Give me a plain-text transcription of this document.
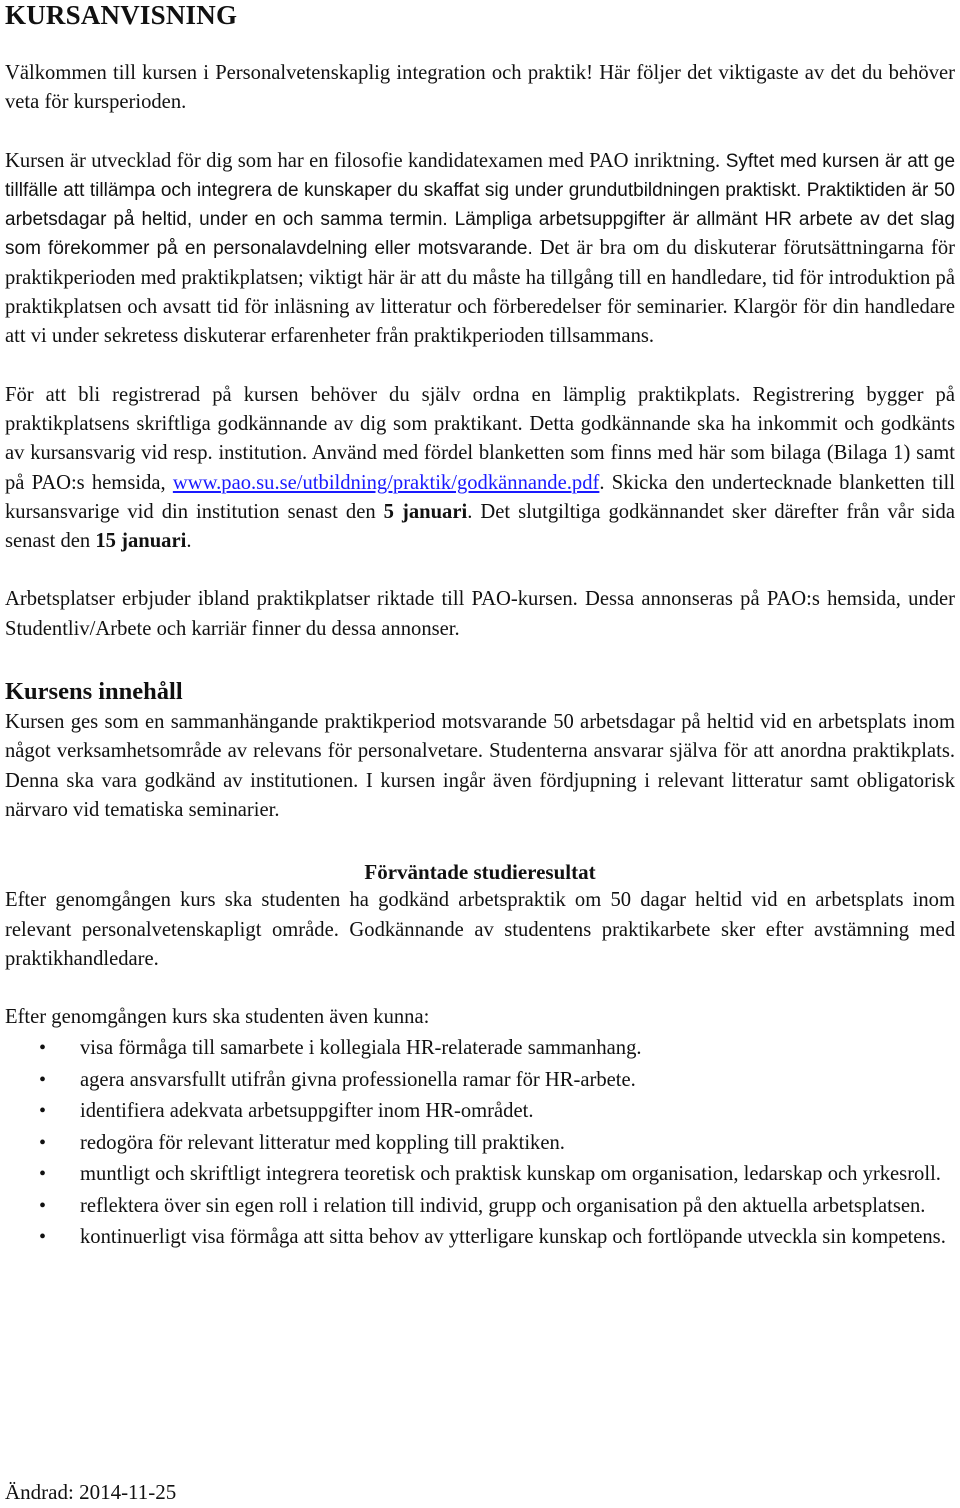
KURSANVISNING

Välkommen till kursen i Personalvetenskaplig integration och praktik! Här följer det viktigaste av det du behöver veta för kursperioden.

Kursen är utvecklad för dig som har en filosofie kandidatexamen med PAO inriktning. Syftet med kursen är att ge tillfälle att tillämpa och integrera de kunskaper du skaffat sig under grundutbildningen praktiskt. Praktiktiden är 50 arbetsdagar på heltid, under en och samma termin. Lämpliga arbetsuppgifter är allmänt HR arbete av det slag som förekommer på en personalavdelning eller motsvarande. Det är bra om du diskuterar förutsättningarna för praktikperioden med praktikplatsen; viktigt här är att du måste ha tillgång till en handledare, tid för introduktion på praktikplatsen och avsatt tid för inläsning av litteratur och förberedelser för seminarier. Klargör för din handledare att vi under sekretess diskuterar erfarenheter från praktikperioden tillsammans.

För att bli registrerad på kursen behöver du själv ordna en lämplig praktikplats. Registrering bygger på praktikplatsens skriftliga godkännande av dig som praktikant. Detta godkännande ska ha inkommit och godkänts av kursansvarig vid resp. institution. Använd med fördel blanketten som finns med här som bilaga (Bilaga 1) samt på PAO:s hemsida, www.pao.su.se/utbildning/praktik/godkännande.pdf. Skicka den undertecknade blanketten till kursansvarige vid din institution senast den 5 januari. Det slutgiltiga godkännandet sker därefter från vår sida senast den 15 januari.

Arbetsplatser erbjuder ibland praktikplatser riktade till PAO-kursen. Dessa annonseras på PAO:s hemsida, under Studentliv/Arbete och karriär finner du dessa annonser.

Kursens innehåll

Kursen ges som en sammanhängande praktikperiod motsvarande 50 arbetsdagar på heltid vid en arbetsplats inom något verksamhetsområde av relevans för personalvetare. Studenterna ansvarar själva för att anordna praktikplats. Denna ska vara godkänd av institutionen. I kursen ingår även fördjupning i relevant litteratur samt obligatorisk närvaro vid tematiska seminarier.

Förväntade studieresultat

Efter genomgången kurs ska studenten ha godkänd arbetspraktik om 50 dagar heltid vid en arbetsplats inom relevant personalvetenskapligt område. Godkännande av studentens praktikarbete sker efter avstämning med praktikhandledare.

Efter genomgången kurs ska studenten även kunna:

• visa förmåga till samarbete i kollegiala HR-relaterade sammanhang.
• agera ansvarsfullt utifrån givna professionella ramar för HR-arbete.
• identifiera adekvata arbetsuppgifter inom HR-området.
• redogöra för relevant litteratur med koppling till praktiken.
• muntligt och skriftligt integrera teoretisk och praktisk kunskap om organisation, ledarskap och yrkesroll.
• reflektera över sin egen roll i relation till individ, grupp och organisation på den aktuella arbetsplatsen.
• kontinuerligt visa förmåga att sitta behov av ytterligare kunskap och fortlöpande utveckla sin kompetens.
Ändrad: 2014-11-25
